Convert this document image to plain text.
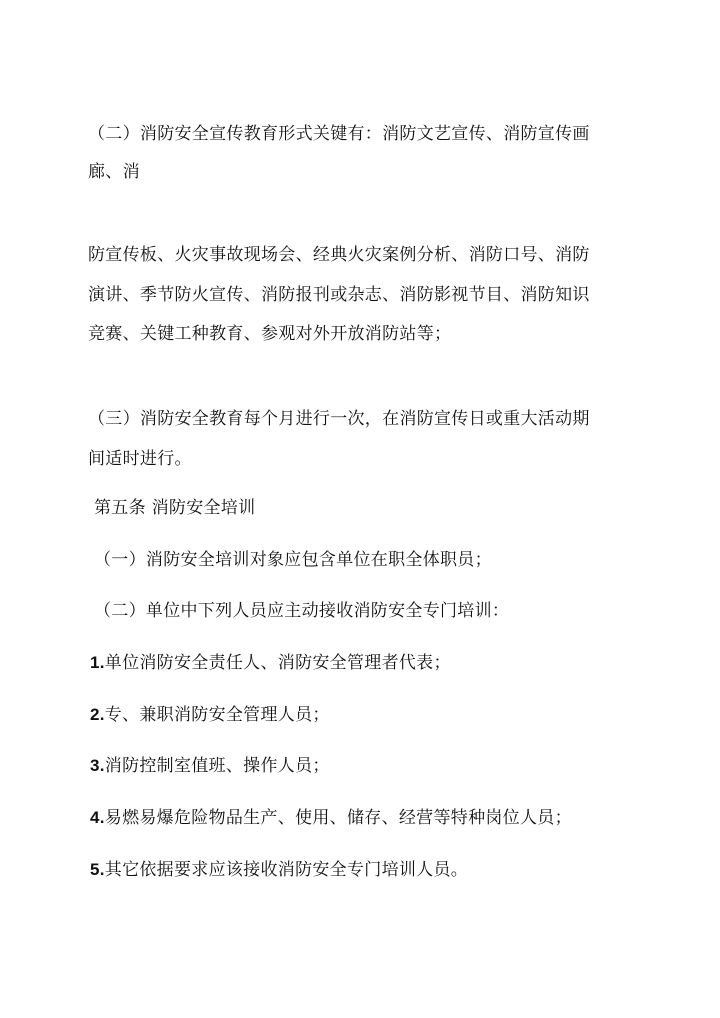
（二）消防安全宣传教育形式关键有：消防文艺宣传、消防宣传画
廊、消
防宣传板、火灾事故现场会、经典火灾案例分析、消防口号、消防
演讲、季节防火宣传、消防报刊或杂志、消防影视节目、消防知识
竞赛、关键工种教育、参观对外开放消防站等；
（三）消防安全教育每个月进行一次，在消防宣传日或重大活动期
间适时进行。
第五条 消防安全培训
（一）消防安全培训对象应包含单位在职全体职员；
（二）单位中下列人员应主动接收消防安全专门培训：
1.单位消防安全责任人、消防安全管理者代表；
2.专、兼职消防安全管理人员；
3.消防控制室值班、操作人员；
4.易燃易爆危险物品生产、使用、储存、经营等特种岗位人员；
5.其它依据要求应该接收消防安全专门培训人员。
